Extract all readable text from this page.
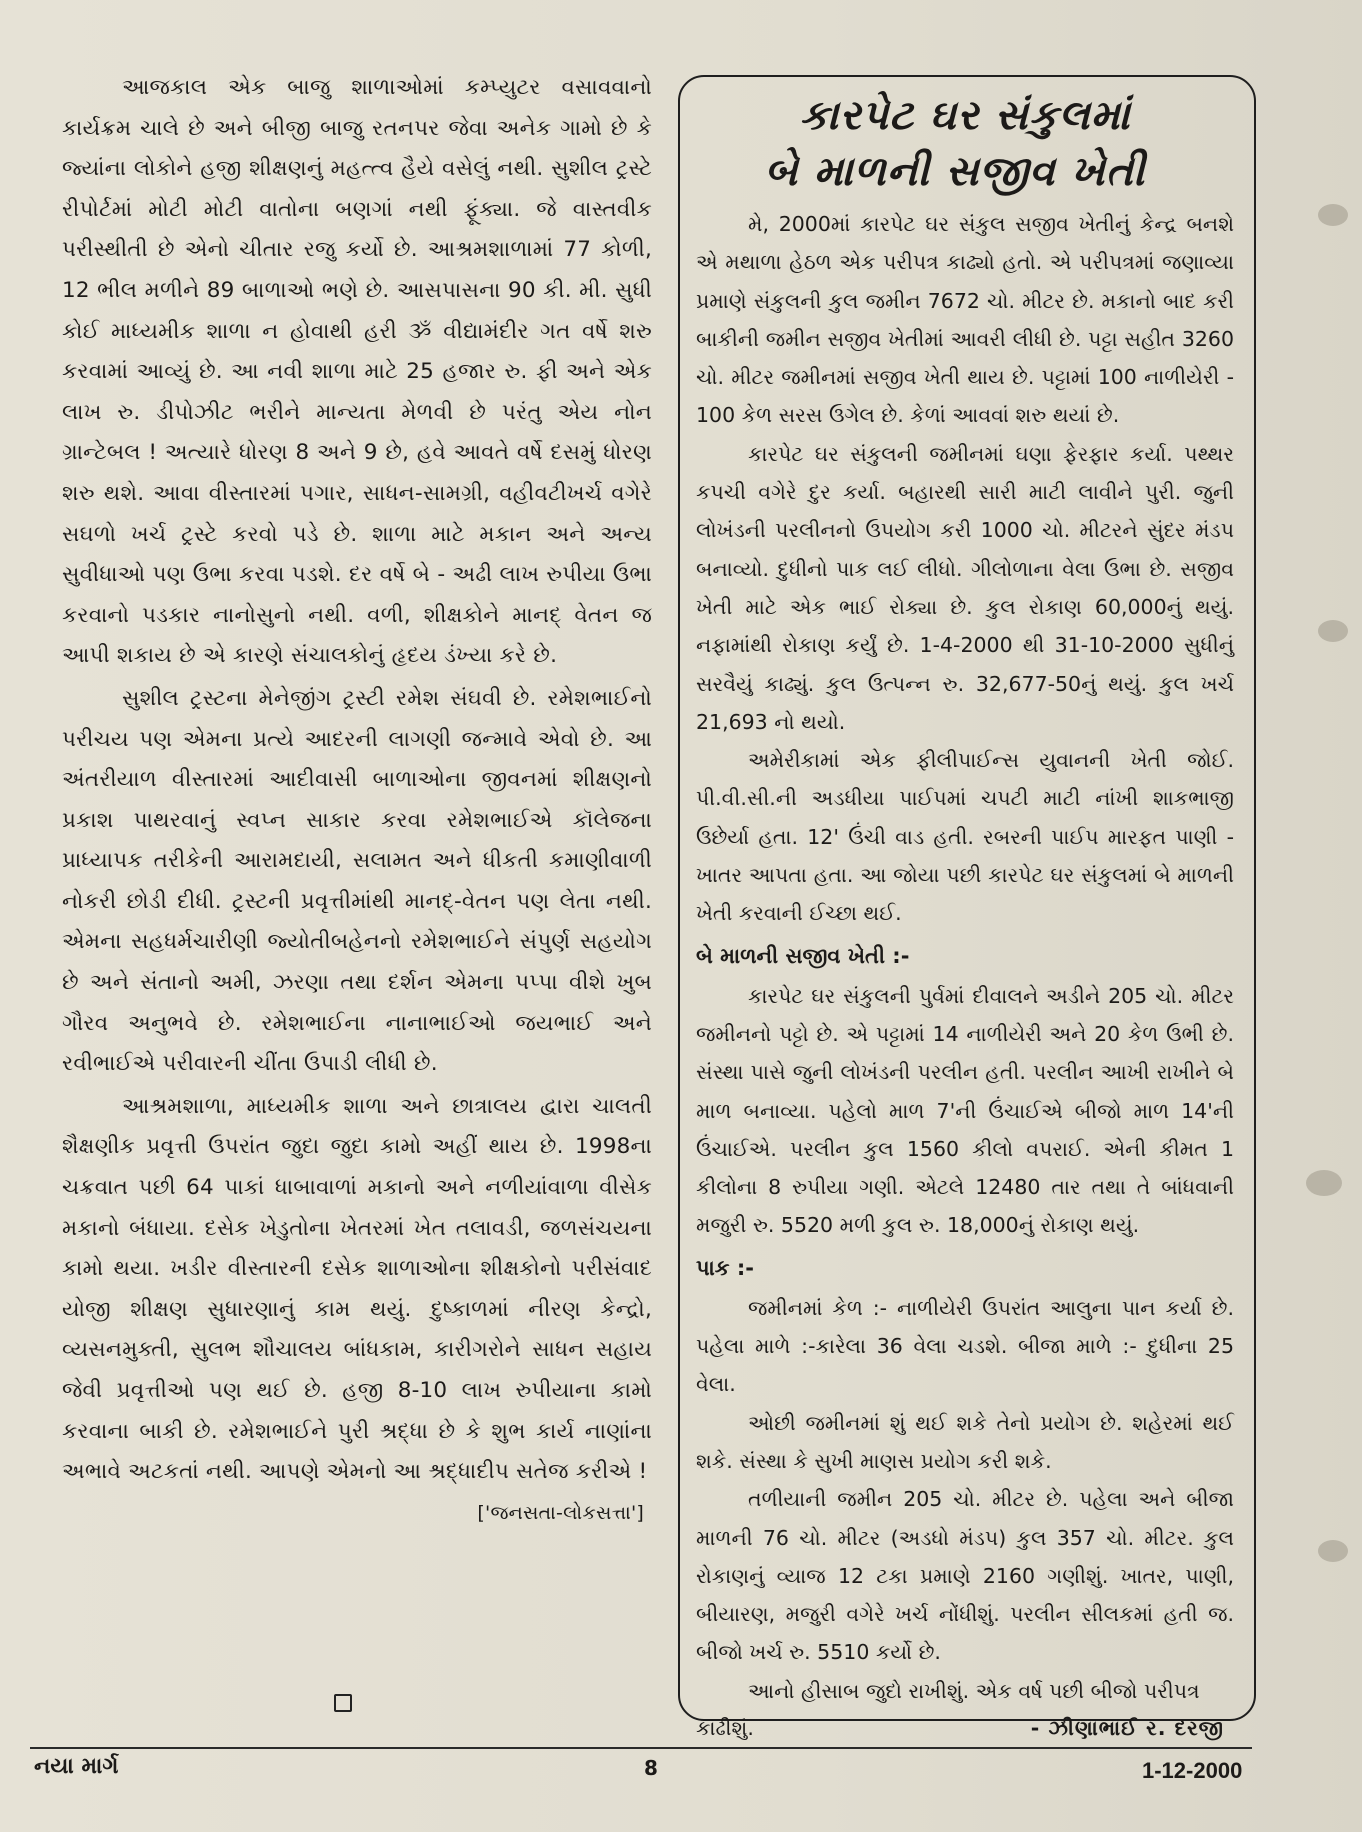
આજકાલ એક બાજુ શાળાઓમાં કમ્પ્યુટર વસાવવાનો કાર્યક્રમ ચાલે છે અને બીજી બાજુ રતનપર જેવા અનેક ગામો છે કે જ્યાંના લોકોને હજી શીક્ષણનું મહત્ત્વ હૈયે વસેલું નથી. સુશીલ ટ્રસ્ટે રીપોર્ટમાં મોટી મોટી વાતોના બણગાં નથી ફૂંક્યા. જે વાસ્તવીક પરીસ્થીતી છે એનો ચીતાર રજુ કર્યો છે. આશ્રમશાળામાં 77 કોળી, 12 ભીલ મળીને 89 બાળાઓ ભણે છે. આસપાસના 90 કી. મી. સુધી કોઈ માધ્યમીક શાળા ન હોવાથી હરી ૐ વીદ્યામંદીર ગત વર્ષે શરુ કરવામાં આવ્યું છે. આ નવી શાળા માટે 25 હજાર રુ. ફી અને એક લાખ રુ. ડીપોઝીટ ભરીને માન્યતા મેળવી છે પરંતુ એય નોન ગ્રાન્ટેબલ ! અત્યારે ધોરણ 8 અને 9 છે, હવે આવતે વર્ષે દસમું ધોરણ શરુ થશે. આવા વીસ્તારમાં પગાર, સાધન-સામગ્રી, વહીવટીખર્ચ વગેરે સઘળો ખર્ચ ટ્રસ્ટે કરવો પડે છે. શાળા માટે મકાન અને અન્ય સુવીધાઓ પણ ઉભા કરવા પડશે. દર વર્ષે બે - અઢી લાખ રુપીયા ઉભા કરવાનો પડકાર નાનોસુનો નથી. વળી, શીક્ષકોને માનદ્ વેતન જ આપી શકાય છે એ કારણે સંચાલકોનું હૃદય ડંખ્યા કરે છે.

સુશીલ ટ્રસ્ટના મેનેજીંગ ટ્રસ્ટી રમેશ સંઘવી છે. રમેશભાઈનો પરીચય પણ એમના પ્રત્યે આદરની લાગણી જન્માવે એવો છે. આ અંતરીયાળ વીસ્તારમાં આદીવાસી બાળાઓના જીવનમાં શીક્ષણનો પ્રકાશ પાથરવાનું સ્વપ્ન સાકાર કરવા રમેશભાઈએ કૉલેજના પ્રાધ્યાપક તરીકેની આરામદાયી, સલામત અને ધીકતી કમાણીવાળી નોકરી છોડી દીધી. ટ્રસ્ટની પ્રવૃત્તીમાંથી માનદ્-વેતન પણ લેતા નથી. એમના સહધર્મચારીણી જ્યોતીબહેનનો રમેશભાઈને સંપુર્ણ સહયોગ છે અને સંતાનો અમી, ઝરણા તથા દર્શન એમના પપ્પા વીશે ખુબ ગૌરવ અનુભવે છે. રમેશભાઈના નાનાભાઈઓ જયભાઈ અને રવીભાઈએ પરીવારની ચીંતા ઉપાડી લીધી છે.

આશ્રમશાળા, માધ્યમીક શાળા અને છાત્રાલય દ્વારા ચાલતી શૈક્ષણીક પ્રવૃત્તી ઉપરાંત જુદા જુદા કામો અહીં થાય છે. 1998ના ચક્રવાત પછી 64 પાકાં ધાબાવાળાં મકાનો અને નળીયાંવાળા વીસેક મકાનો બંધાયા. દસેક ખેડુતોના ખેતરમાં ખેત તલાવડી, જળસંચયના કામો થયા. ખડીર વીસ્તારની દસેક શાળાઓના શીક્ષકોનો પરીસંવાદ યોજી શીક્ષણ સુધારણાનું કામ થયું. દુષ્કાળમાં નીરણ કેન્દ્રો, વ્યસનમુક્તી, સુલભ શૌચાલય બાંધકામ, કારીગરોને સાધન સહાય જેવી પ્રવૃત્તીઓ પણ થઈ છે. હજી 8-10 લાખ રુપીયાના કામો કરવાના બાકી છે. રમેશભાઈને પુરી શ્રદ્ધા છે કે શુભ કાર્ય નાણાંના અભાવે અટકતાં નથી. આપણે એમનો આ શ્રદ્ધાદીપ સતેજ કરીએ !

['જનસતા-લોકસત્તા']
કારપેટ ઘર સંકુલમાં
બે માળની સજીવ ખેતી

મે, 2000માં કારપેટ ઘર સંકુલ સજીવ ખેતીનું કેન્દ્ર બનશે એ મથાળા હેઠળ એક પરીપત્ર કાઢ્યો હતો. એ પરીપત્રમાં જણાવ્યા પ્રમાણે સંકુલની કુલ જમીન 7672 ચો. મીટર છે. મકાનો બાદ કરી બાકીની જમીન સજીવ ખેતીમાં આવરી લીધી છે. પટ્ટા સહીત 3260 ચો. મીટર જમીનમાં સજીવ ખેતી થાય છે. પટ્ટામાં 100 નાળીયેરી - 100 કેળ સરસ ઉગેલ છે. કેળાં આવવાં શરુ થયાં છે.

કારપેટ ઘર સંકુલની જમીનમાં ઘણા ફેરફાર કર્યા. પથ્થર કપચી વગેરે દુર કર્યા. બહારથી સારી માટી લાવીને પુરી. જુની લોખંડની પરલીનનો ઉપયોગ કરી 1000 ચો. મીટરને સુંદર મંડપ બનાવ્યો. દુધીનો પાક લઈ લીધો. ગીલોળાના વેલા ઉભા છે. સજીવ ખેતી માટે એક ભાઈ રોક્યા છે. કુલ રોકાણ 60,000નું થયું. નફામાંથી રોકાણ કર્યું છે. 1-4-2000 થી 31-10-2000 સુધીનું સરવૈયું કાઢ્યું. કુલ ઉત્પન્ન રુ. 32,677-50નું થયું. કુલ ખર્ચ 21,693 નો થયો.

અમેરીકામાં એક ફીલીપાઈન્સ યુવાનની ખેતી જોઈ. પી.વી.સી.ની અડધીયા પાઈપમાં ચપટી માટી નાંખી શાકભાજી ઉછેર્યા હતા. 12' ઉંચી વાડ હતી. રબરની પાઈપ મારફત પાણી - ખાતર આપતા હતા. આ જોયા પછી કારપેટ ઘર સંકુલમાં બે માળની ખેતી કરવાની ઈચ્છા થઈ.

બે માળની સજીવ ખેતી :-

કારપેટ ઘર સંકુલની પુર્વમાં દીવાલને અડીને 205 ચો. મીટર જમીનનો પટ્ટો છે. એ પટ્ટામાં 14 નાળીયેરી અને 20 કેળ ઉભી છે. સંસ્થા પાસે જુની લોખંડની પરલીન હતી. પરલીન આખી રાખીને બે માળ બનાવ્યા. પહેલો માળ 7'ની ઉંચાઈએ બીજો માળ 14'ની ઉંચાઈએ. પરલીન કુલ 1560 કીલો વપરાઈ. એની કીમત 1 કીલોના 8 રુપીયા ગણી. એટલે 12480 તાર તથા તે બાંધવાની મજુરી રુ. 5520 મળી કુલ રુ. 18,000નું રોકાણ થયું.

પાક :-

જમીનમાં કેળ :- નાળીયેરી ઉપરાંત આલુના પાન કર્યા છે. પહેલા માળે :-કારેલા 36 વેલા ચડશે. બીજા માળે :- દુધીના 25 વેલા.

ઓછી જમીનમાં શું થઈ શકે તેનો પ્રયોગ છે. શહેરમાં થઈ શકે. સંસ્થા કે સુખી માણસ પ્રયોગ કરી શકે.

તળીયાની જમીન 205 ચો. મીટર છે. પહેલા અને બીજા માળની 76 ચો. મીટર (અડધો મંડપ) કુલ 357 ચો. મીટર. કુલ રોકાણનું વ્યાજ 12 ટકા પ્રમાણે 2160 ગણીશું. ખાતર, પાણી, બીયારણ, મજુરી વગેરે ખર્ચ નોંધીશું. પરલીન સીલકમાં હતી જ. બીજો ખર્ચ રુ. 5510 કર્યો છે.

આનો હીસાબ જુદો રાખીશું. એક વર્ષ પછી બીજો પરીપત્ર

કાઢીશું.	- ઝીણાભાઈ ર. દરજી
નયા માર્ગ	8	1-12-2000
